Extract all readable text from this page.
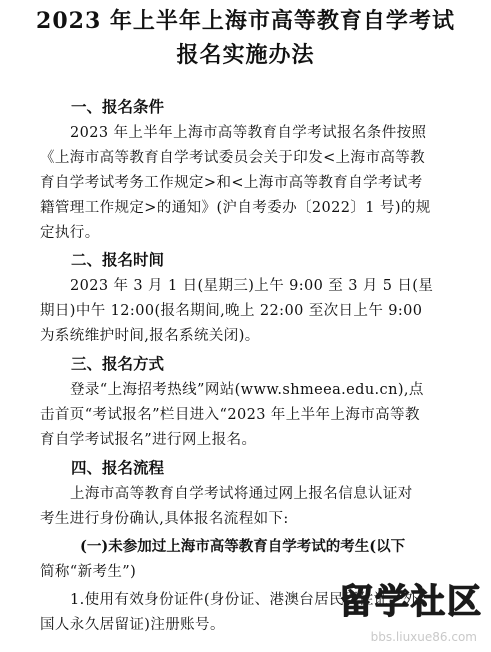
2023 年上半年上海市高等教育自学考试
报名实施办法
一、报名条件
2023 年上半年上海市高等教育自学考试报名条件按照
《上海市高等教育自学考试委员会关于印发<上海市高等教
育自学考试考务工作规定>和<上海市高等教育自学考试考
籍管理工作规定>的通知》(沪自考委办〔2022〕1 号)的规
定执行。
二、报名时间
2023 年 3 月 1 日(星期三)上午 9:00 至 3 月 5 日(星
期日)中午 12:00(报名期间,晚上 22:00 至次日上午 9:00
为系统维护时间,报名系统关闭)。
三、报名方式
登录“上海招考热线”网站(www.shmeea.edu.cn),点
击首页“考试报名”栏目进入“2023 年上半年上海市高等教
育自学考试报名”进行网上报名。
四、报名流程
上海市高等教育自学考试将通过网上报名信息认证对
考生进行身份确认,具体报名流程如下:
(一)未参加过上海市高等教育自学考试的考生(以下
简称“新考生”)
1.使用有效身份证件(身份证、港澳台居民居住证、外
国人永久居留证)注册账号。
留学社区
bbs.liuxue86.com
